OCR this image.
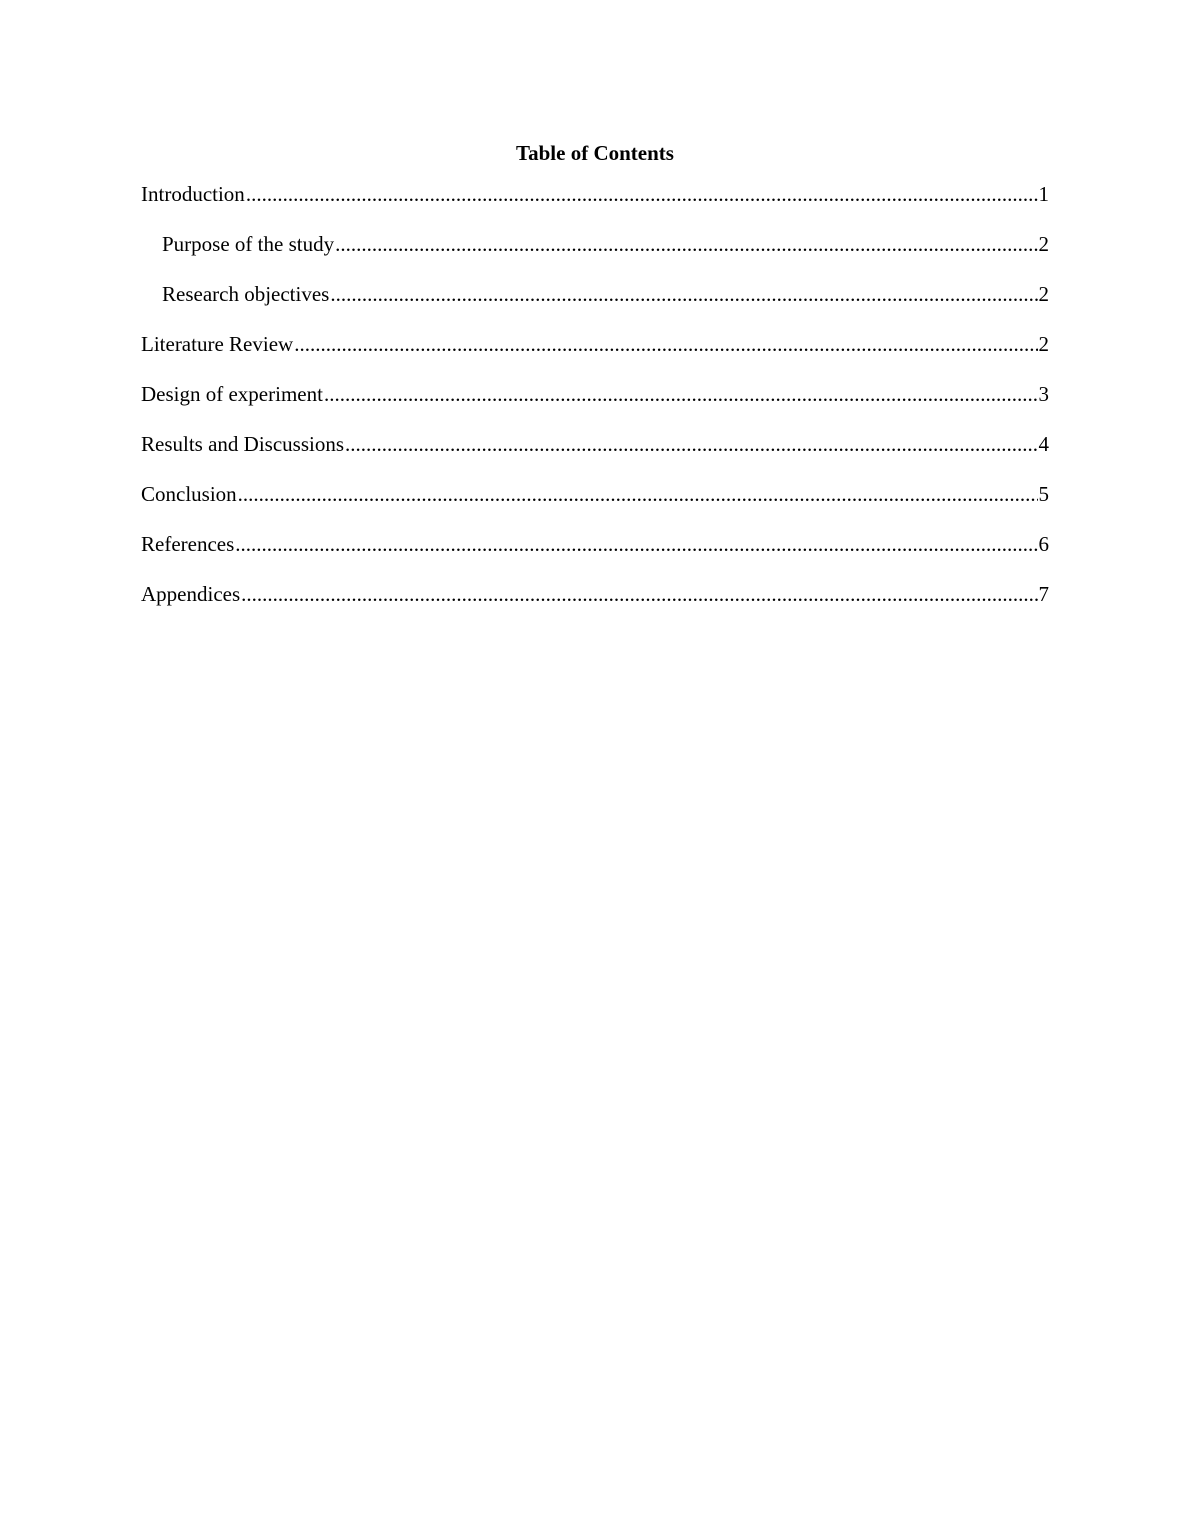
Table of Contents
Introduction .....	1
Purpose of the study .....	2
Research objectives .....	2
Literature Review .....	2
Design of experiment .....	3
Results and Discussions .....	4
Conclusion .....	5
References .....	6
Appendices .....	7
